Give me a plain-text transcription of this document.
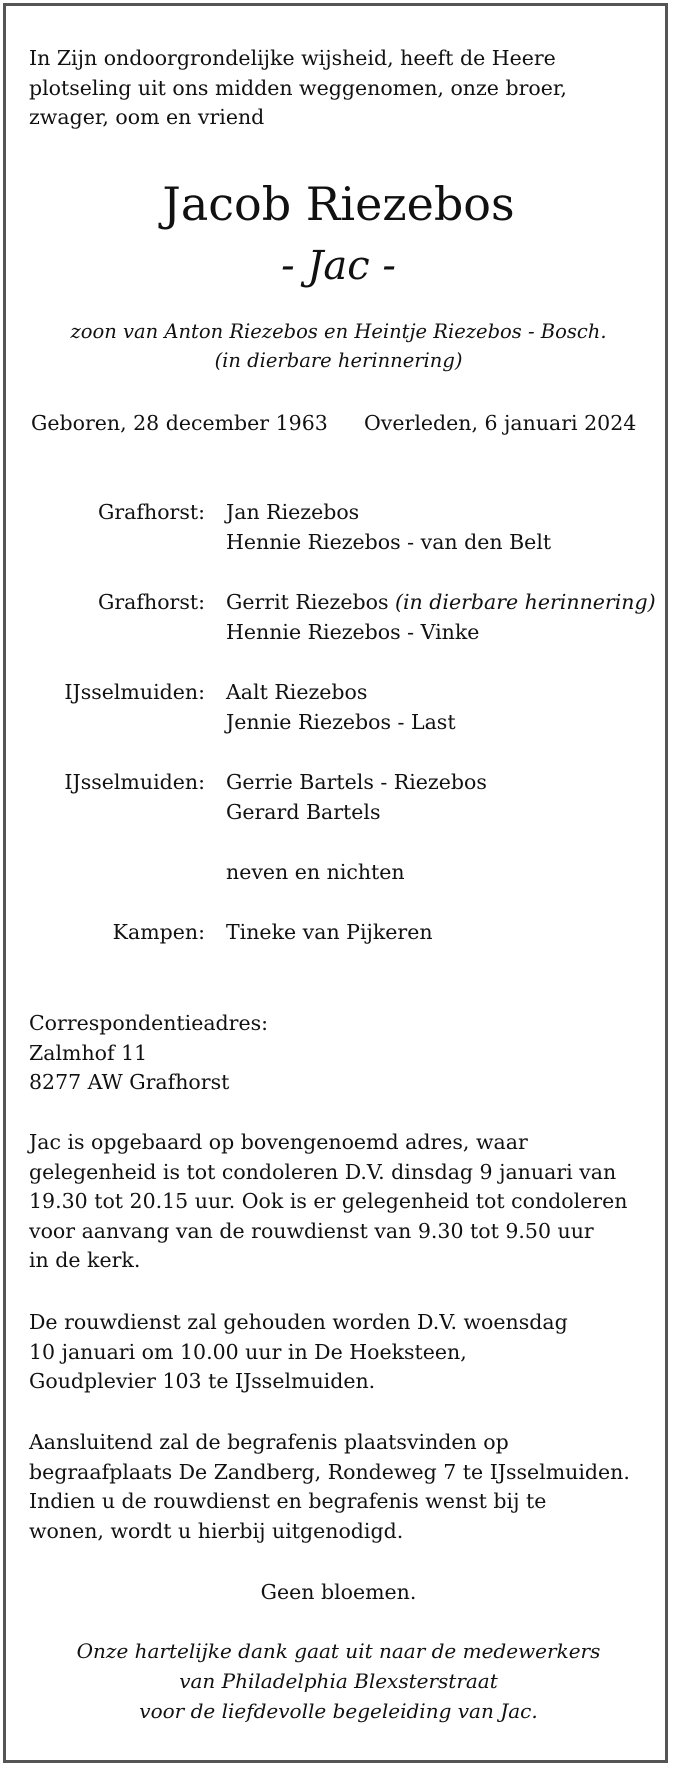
In Zijn ondoorgrondelijke wijsheid, heeft de Heere
plotseling uit ons midden weggenomen, onze broer,
zwager, oom en vriend

Jacob Riezebos
- Jac -
zoon van Anton Riezebos en Heintje Riezebos - Bosch.
(in dierbare herinnering)
Geboren, 28 december 1963 Overleden, 6 januari 2024
Grafhorst: Jan Riezebos
Hennie Riezebos - van den Belt
Grafhorst: Gerrit Riezebos (in dierbare herinnering)
Hennie Riezebos - Vinke
IJsselmuiden: Aalt Riezebos
Jennie Riezebos - Last
IJsselmuiden: Gerrie Bartels - Riezebos
Gerard Bartels
neven en nichten
Kampen: Tineke van Pijkeren

Correspondentieadres:
Zalmhof 11
8277 AW Grafhorst

Jac is opgebaard op bovengenoemd adres, waar
gelegenheid is tot condoleren D.V. dinsdag 9 januari van
19.30 tot 20.15 uur. Ook is er gelegenheid tot condoleren
voor aanvang van de rouwdienst van 9.30 tot 9.50 uur
in de kerk.

De rouwdienst zal gehouden worden D.V. woensdag
10 januari om 10.00 uur in De Hoeksteen,
Goudplevier 103 te IJsselmuiden.

Aansluitend zal de begrafenis plaatsvinden op
begraafplaats De Zandberg, Rondeweg 7 te IJsselmuiden.
Indien u de rouwdienst en begrafenis wenst bij te
wonen, wordt u hierbij uitgenodigd.

Geen bloemen.
Onze hartelijke dank gaat uit naar de medewerkers
van Philadelphia Blexsterstraat
voor de liefdevolle begeleiding van Jac.
